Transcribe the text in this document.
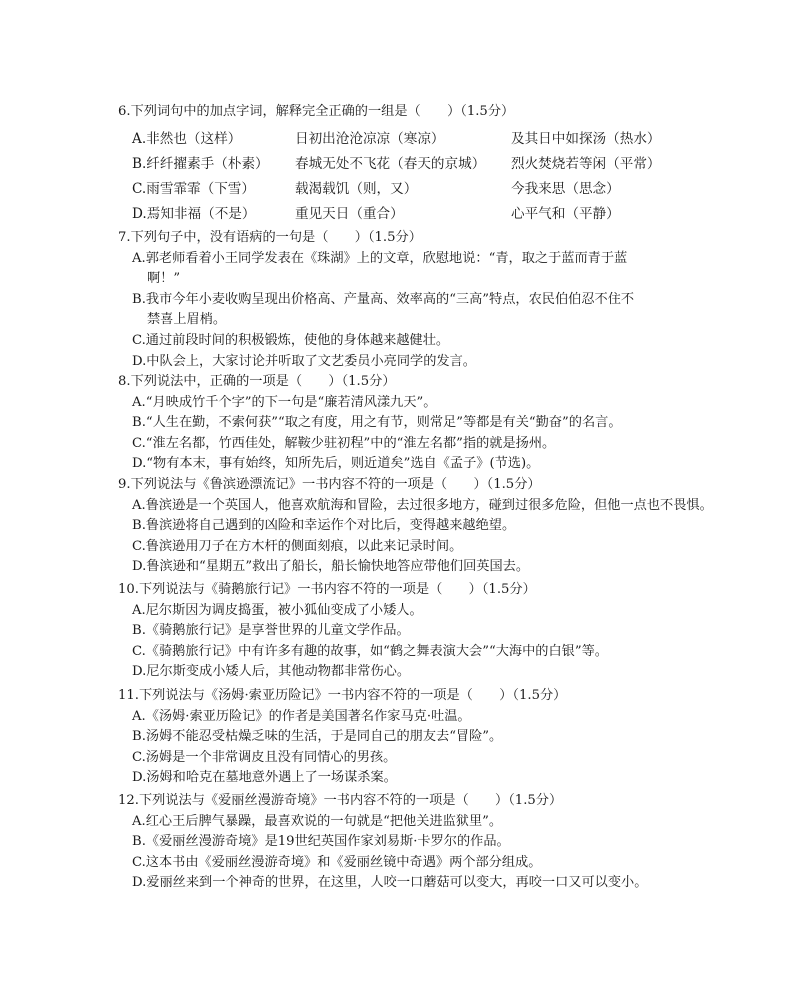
6.下列词句中的加点字词，解释完全正确的一组是（　　）（1.5分）
A.非然也（这样）	日初出沧沧凉凉（寒凉）	及其日中如探汤（热水）
B.纤纤擢素手（朴素） 春城无处不飞花（春天的京城） 烈火焚烧若等闲（平常）
C.雨雪霏霏（下雪）	载渴载饥（则，又）	今我来思（思念）
D.焉知非福（不是）	重见天日（重合）	心平气和（平静）
7.下列句子中，没有语病的一句是（　　）（1.5分）
A.郭老师看着小王同学发表在《珠湖》上的文章，欣慰地说：“青，取之于蓝而青于蓝
啊！”
B.我市今年小麦收购呈现出价格高、产量高、效率高的“三高”特点，农民伯伯忍不住不
禁喜上眉梢。
C.通过前段时间的积极锻炼，使他的身体越来越健壮。
D.中队会上，大家讨论并听取了文艺委员小亮同学的发言。
8.下列说法中，正确的一项是（　　）（1.5分）
A.“月映成竹千个字”的下一句是“廉若清风漾九天”。
B.“人生在勤，不索何获”“取之有度，用之有节，则常足”等都是有关“勤奋”的名言。
C.“淮左名都，竹西佳处，解鞍少驻初程”中的“淮左名都”指的就是扬州。
D.“物有本末，事有始终，知所先后，则近道矣”选自《孟子》(节选)。
9.下列说法与《鲁滨逊漂流记》一书内容不符的一项是（　　）（1.5分）
A.鲁滨逊是一个英国人，他喜欢航海和冒险，去过很多地方，碰到过很多危险，但他一点也不畏惧。
B.鲁滨逊将自己遇到的凶险和幸运作个对比后，变得越来越绝望。
C.鲁滨逊用刀子在方木杆的侧面刻痕，以此来记录时间。
D.鲁滨逊和“星期五”救出了船长，船长愉快地答应带他们回英国去。
10.下列说法与《骑鹅旅行记》一书内容不符的一项是（　　）（1.5分）
A.尼尔斯因为调皮捣蛋，被小狐仙变成了小矮人。
B.《骑鹅旅行记》是享誉世界的儿童文学作品。
C.《骑鹅旅行记》中有许多有趣的故事，如“鹤之舞表演大会”“大海中的白银”等。
D.尼尔斯变成小矮人后，其他动物都非常伤心。
11.下列说法与《汤姆·索亚历险记》一书内容不符的一项是（　　）（1.5分）
A.《汤姆·索亚历险记》的作者是美国著名作家马克·吐温。
B.汤姆不能忍受枯燥乏味的生活，于是同自己的朋友去“冒险”。
C.汤姆是一个非常调皮且没有同情心的男孩。
D.汤姆和哈克在墓地意外遇上了一场谋杀案。
12.下列说法与《爱丽丝漫游奇境》一书内容不符的一项是（　　）（1.5分）
A.红心王后脾气暴躁，最喜欢说的一句就是“把他关进监狱里”。
B.《爱丽丝漫游奇境》是19世纪英国作家刘易斯·卡罗尔的作品。
C.这本书由《爱丽丝漫游奇境》和《爱丽丝镜中奇遇》两个部分组成。
D.爱丽丝来到一个神奇的世界，在这里，人咬一口蘑菇可以变大，再咬一口又可以变小。
